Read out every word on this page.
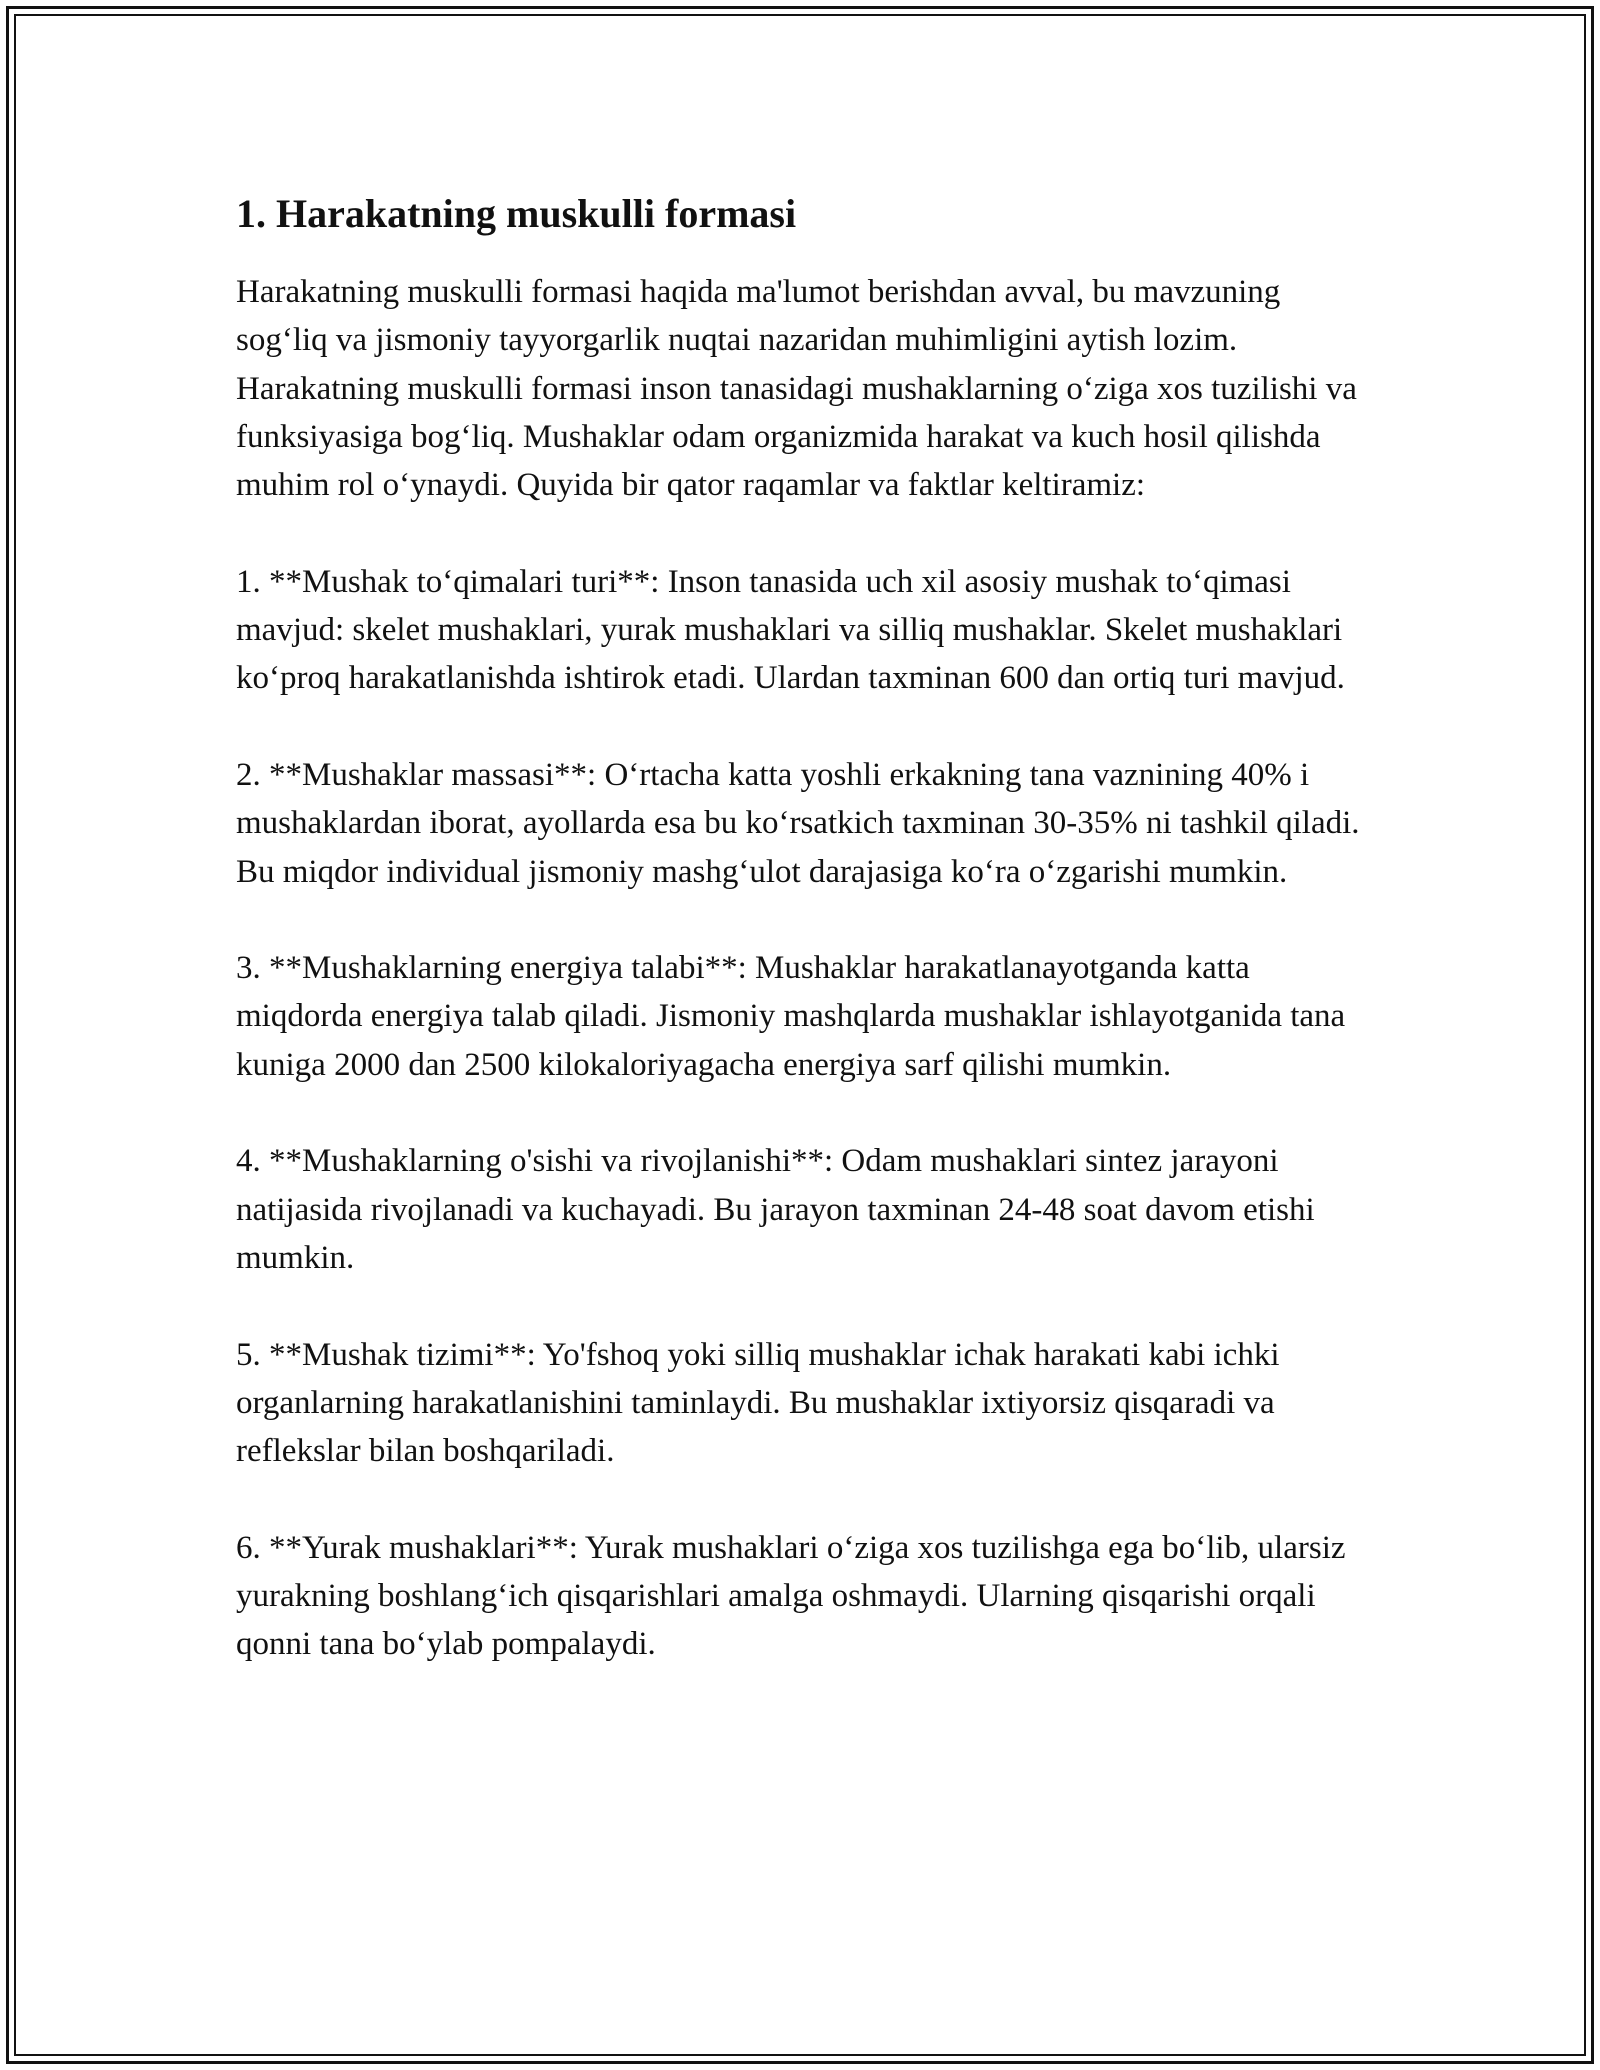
1. Harakatning muskulli formasi

Harakatning muskulli formasi haqida ma'lumot berishdan avval, bu mavzuning sog‘liq va jismoniy tayyorgarlik nuqtai nazaridan muhimligini aytish lozim. Harakatning muskulli formasi inson tanasidagi mushaklarning o‘ziga xos tuzilishi va funksiyasiga bog‘liq. Mushaklar odam organizmida harakat va kuch hosil qilishda muhim rol o‘ynaydi. Quyida bir qator raqamlar va faktlar keltiramiz:

1. **Mushak to‘qimalari turi**: Inson tanasida uch xil asosiy mushak to‘qimasi mavjud: skelet mushaklari, yurak mushaklari va silliq mushaklar. Skelet mushaklari ko‘proq harakatlanishda ishtirok etadi. Ulardan taxminan 600 dan ortiq turi mavjud.

2. **Mushaklar massasi**: O‘rtacha katta yoshli erkakning tana vaznining 40% i mushaklardan iborat, ayollarda esa bu ko‘rsatkich taxminan 30-35% ni tashkil qiladi. Bu miqdor individual jismoniy mashg‘ulot darajasiga ko‘ra o‘zgarishi mumkin.

3. **Mushaklarning energiya talabi**: Mushaklar harakatlanayotganda katta miqdorda energiya talab qiladi. Jismoniy mashqlarda mushaklar ishlayotganida tana kuniga 2000 dan 2500 kilokaloriyagacha energiya sarf qilishi mumkin.

4. **Mushaklarning o'sishi va rivojlanishi**: Odam mushaklari sintez jarayoni natijasida rivojlanadi va kuchayadi. Bu jarayon taxminan 24-48 soat davom etishi mumkin.

5. **Mushak tizimi**: Yo'fshoq yoki silliq mushaklar ichak harakati kabi ichki organlarning harakatlanishini taminlaydi. Bu mushaklar ixtiyorsiz qisqaradi va reflekslar bilan boshqariladi.

6. **Yurak mushaklari**: Yurak mushaklari o‘ziga xos tuzilishga ega bo‘lib, ularsiz yurakning boshlang‘ich qisqarishlari amalga oshmaydi. Ularning qisqarishi orqali qonni tana bo‘ylab pompalaydi.
